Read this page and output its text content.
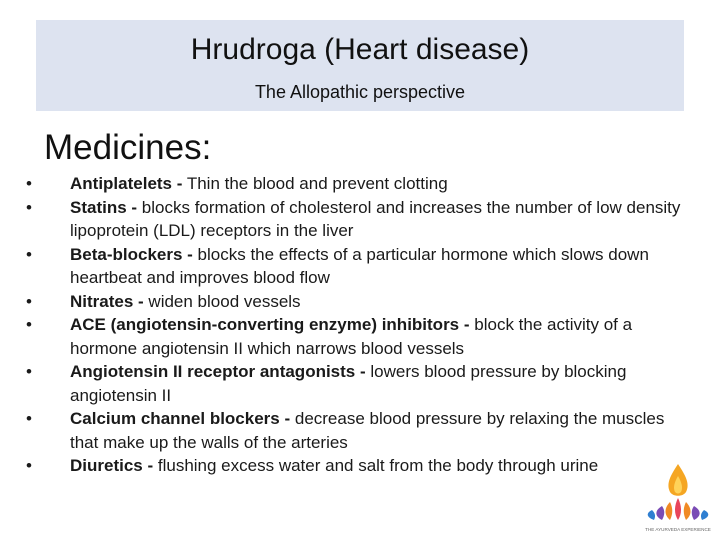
Hrudroga (Heart disease)
The Allopathic perspective
Medicines:
•	Antiplatelets - Thin the blood and prevent clotting
•	Statins - blocks formation of cholesterol and increases the number of low density lipoprotein (LDL) receptors in the liver
•	Beta-blockers - blocks the effects of a particular hormone which slows down heartbeat and improves blood flow
•	Nitrates - widen blood vessels
•	ACE (angiotensin-converting enzyme) inhibitors - block the activity of a hormone angiotensin II which narrows blood vessels
•	Angiotensin II receptor antagonists - lowers blood pressure by blocking angiotensin II
•	Calcium channel blockers - decrease blood pressure by relaxing the muscles that make up the walls of the arteries
•	Diuretics - flushing excess water and salt from the body through urine
THE AYURVEDA EXPERIENCE
